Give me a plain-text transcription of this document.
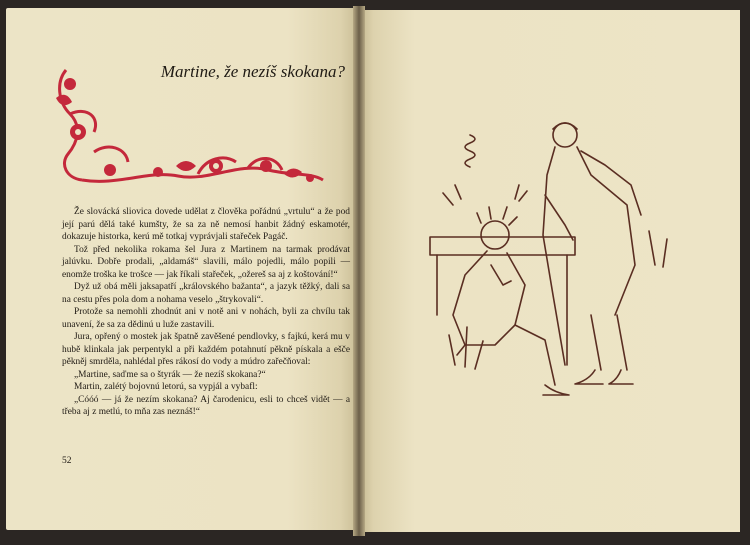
Martine, že nezíš skokana?

Že slovácká sliovica dovede udělat z člověka pořádnú „vrtulu“ a že pod její parú dělá také kumšty, že sa za ně nemosí hanbit žádný eskamotér, dokazuje historka, kerú mě totkaj vyprávjali stařeček Pagáč.

Tož před nekolika rokama šel Jura z Martinem na tarmak prodávat jalúvku. Dobře prodali, „aldamáš“ slavili, málo pojedli, málo popili — enomže troška ke trošce — jak říkali stařeček, „ožereš sa aj z koštování!“

Dyž už obá měli jaksapatří „královského bažanta“, a jazyk těžký, dali sa na cestu přes pola dom a nohama veselo „štrykovali“.

Protože sa nemohli zhodnút ani v notě ani v nohách, byli za chvílu tak unavení, že sa za dědinú u luže zastavili.

Jura, opřený o mostek jak špatně zavěšené pendlovky, s fajkú, kerá mu v hubě klinkala jak perpentykl a při každém potahnutí pěkně pískala a ešče pěkněj smrděla, nahlédal přes rákosí do vody a múdro zařečňoval:

„Martine, saďme sa o štyrák — že nezíš skokana?“

Martin, zalétý bojovnú letorú, sa vypjál a vybafl:

„Cóóó — já že nezím skokana? Aj čarodenicu, esli to chceš vidět — a třeba aj z metlú, to mňa zas neznáš!“

52
